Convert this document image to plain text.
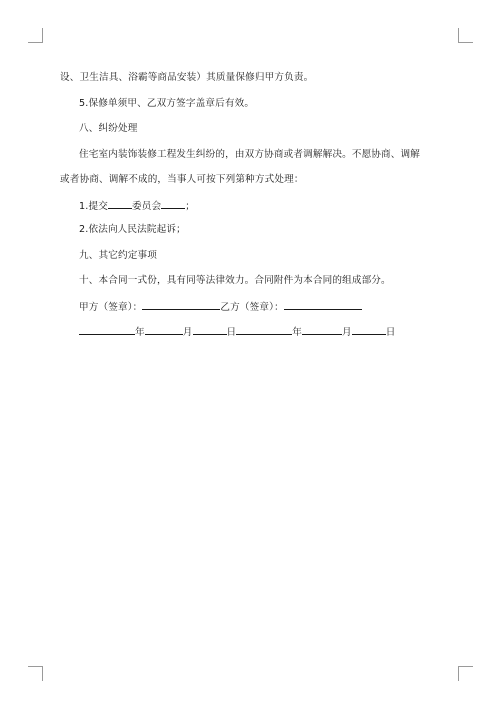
设、卫生洁具、浴霸等商品安装）其质量保修归甲方负责。
5.保修单须甲、乙双方签字盖章后有效。
八、纠纷处理
住宅室内装饰装修工程发生纠纷的，由双方协商或者调解解决。不愿协商、调解
或者协商、调解不成的，当事人可按下列第种方式处理：
1.提交	委员会	；
2.依法向人民法院起诉；
九、其它约定事项
十、本合同一式份，具有同等法律效力。合同附件为本合同的组成部分。
甲方（签章）：	乙方（签章）：
年	月	日	年	月	日
